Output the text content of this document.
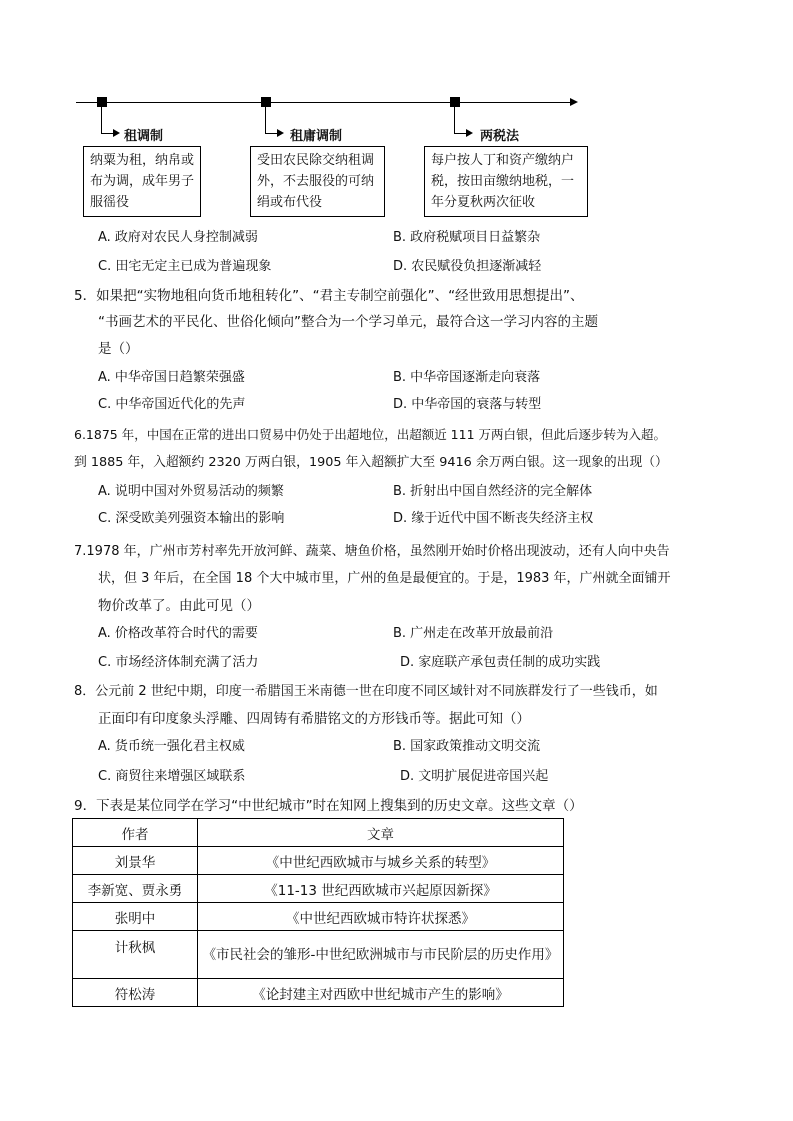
租调制
纳粟为租，纳帛或布为调，成年男子服徭役
租庸调制
受田农民除交纳租调外，不去服役的可纳绢或布代役
两税法
每户按人丁和资产缴纳户税，按田亩缴纳地税，一年分夏秋两次征收
A. 政府对农民人身控制减弱	B. 政府税赋项目日益繁杂
C. 田宅无定主已成为普遍现象	D. 农民赋役负担逐渐减轻
5．如果把“实物地租向货币地租转化”、“君主专制空前强化”、“经世致用思想提出”、
“书画艺术的平民化、世俗化倾向”整合为一个学习单元，最符合这一学习内容的主题
是（）
A. 中华帝国日趋繁荣强盛	B. 中华帝国逐渐走向衰落
C. 中华帝国近代化的先声	D. 中华帝国的衰落与转型
6.1875 年，中国在正常的进出口贸易中仍处于出超地位，出超额近 111 万两白银，但此后逐步转为入超。
到 1885 年，入超额约 2320 万两白银，1905 年入超额扩大至 9416 余万两白银。这一现象的出现（）
A. 说明中国对外贸易活动的频繁	B. 折射出中国自然经济的完全解体
C. 深受欧美列强资本输出的影响	D. 缘于近代中国不断丧失经济主权
7.1978 年，广州市芳村率先开放河鲜、蔬菜、塘鱼价格，虽然刚开始时价格出现波动，还有人向中央告
状，但 3 年后，在全国 18 个大中城市里，广州的鱼是最便宜的。于是，1983 年，广州就全面铺开
物价改革了。由此可见（）
A. 价格改革符合时代的需要	B. 广州走在改革开放最前沿
C. 市场经济体制充满了活力	D. 家庭联产承包责任制的成功实践
8．公元前 2 世纪中期，印度一希腊国王米南德一世在印度不同区域针对不同族群发行了一些钱币，如
正面印有印度象头浮雕、四周铸有希腊铭文的方形钱币等。据此可知（）
A. 货币统一强化君主权威	B. 国家政策推动文明交流
C. 商贸往来增强区域联系	D. 文明扩展促进帝国兴起
9．下表是某位同学在学习“中世纪城市”时在知网上搜集到的历史文章。这些文章（）
作者	文章
刘景华	《中世纪西欧城市与城乡关系的转型》
李新宽、贾永勇	《11-13 世纪西欧城市兴起原因新探》
张明中	《中世纪西欧城市特许状探悉》
计秋枫	《市民社会的雏形-中世纪欧洲城市与市民阶层的历史作用》
符松涛	《论封建主对西欧中世纪城市产生的影响》
